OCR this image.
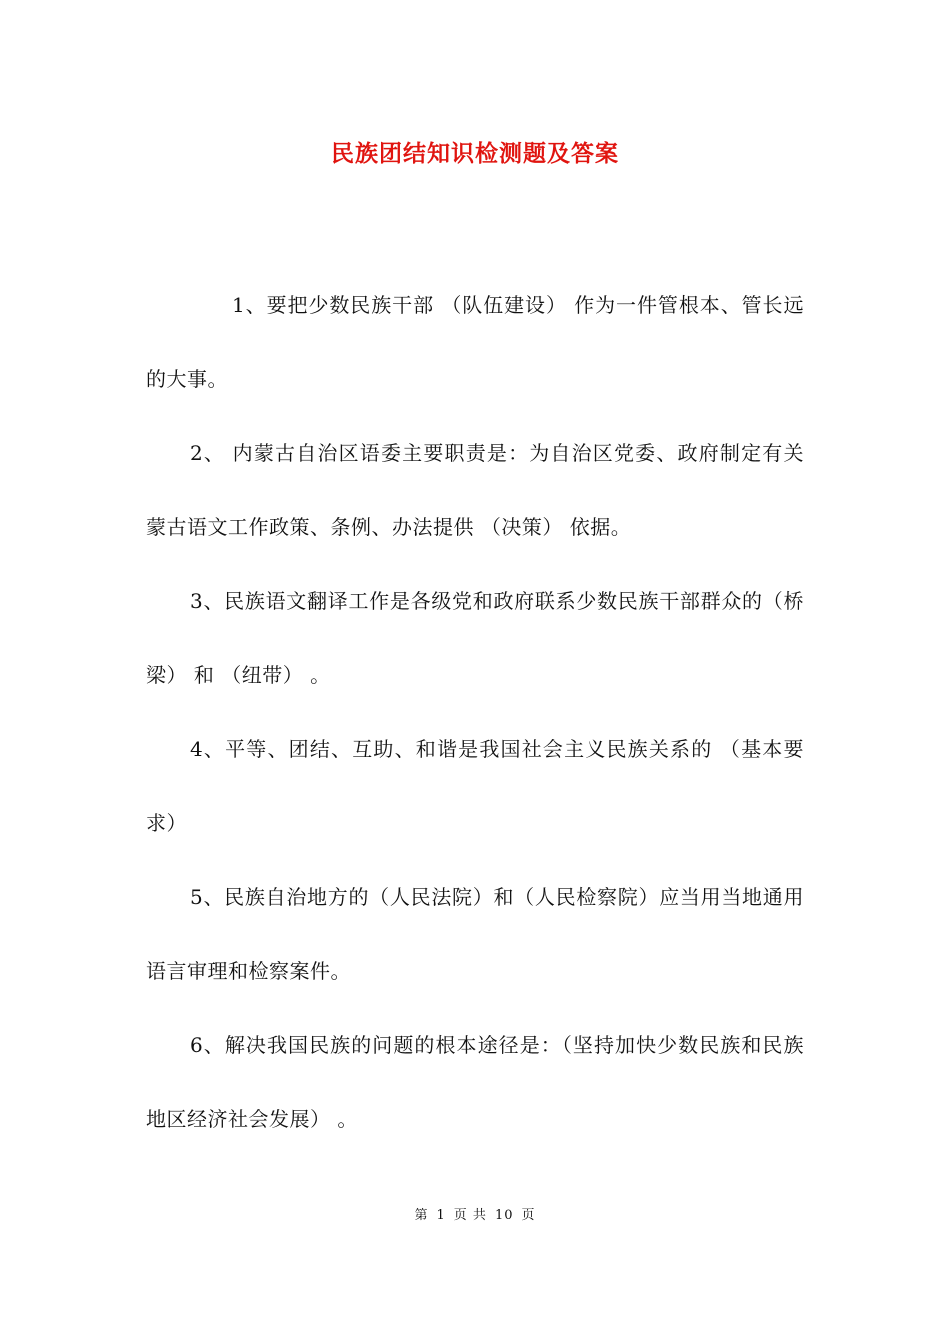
民族团结知识检测题及答案

1、要把少数民族干部 （队伍建设） 作为一件管根本、管长远的大事。

2、 内蒙古自治区语委主要职责是：为自治区党委、政府制定有关蒙古语文工作政策、条例、办法提供 （决策） 依据。

3、民族语文翻译工作是各级党和政府联系少数民族干部群众的（桥梁） 和 （纽带） 。

4、平等、团结、互助、和谐是我国社会主义民族关系的 （基本要求）

5、民族自治地方的（人民法院）和（人民检察院）应当用当地通用语言审理和检察案件。

6、解决我国民族的问题的根本途径是：（坚持加快少数民族和民族地区经济社会发展） 。

第 1 页 共 10 页
